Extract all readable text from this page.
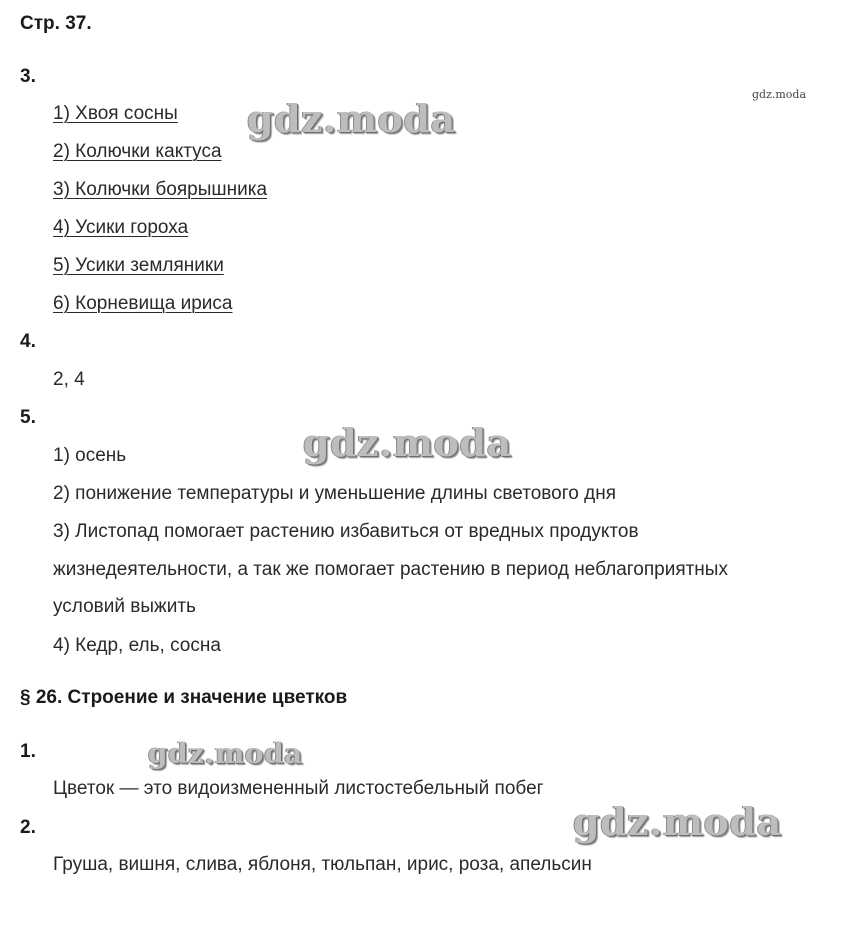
Стр. 37.
3.
1) Хвоя сосны
2) Колючки кактуса
3) Колючки боярышника
4) Усики гороха
5) Усики земляники
6) Корневища ириса
4.
2, 4
5.
1) осень
2) понижение температуры и уменьшение длины светового дня
3) Листопад помогает растению избавиться от вредных продуктов
жизнедеятельности, а так же помогает растению в период неблагоприятных
условий выжить
4) Кедр, ель, сосна
§ 26. Строение и значение цветков
1.
Цветок — это видоизмененный листостебельный побег
2.
Груша, вишня, слива, яблоня, тюльпан, ирис, роза, апельсин
gdz.moda
gdz.moda
gdz.moda
gdz.moda
gdz.moda
